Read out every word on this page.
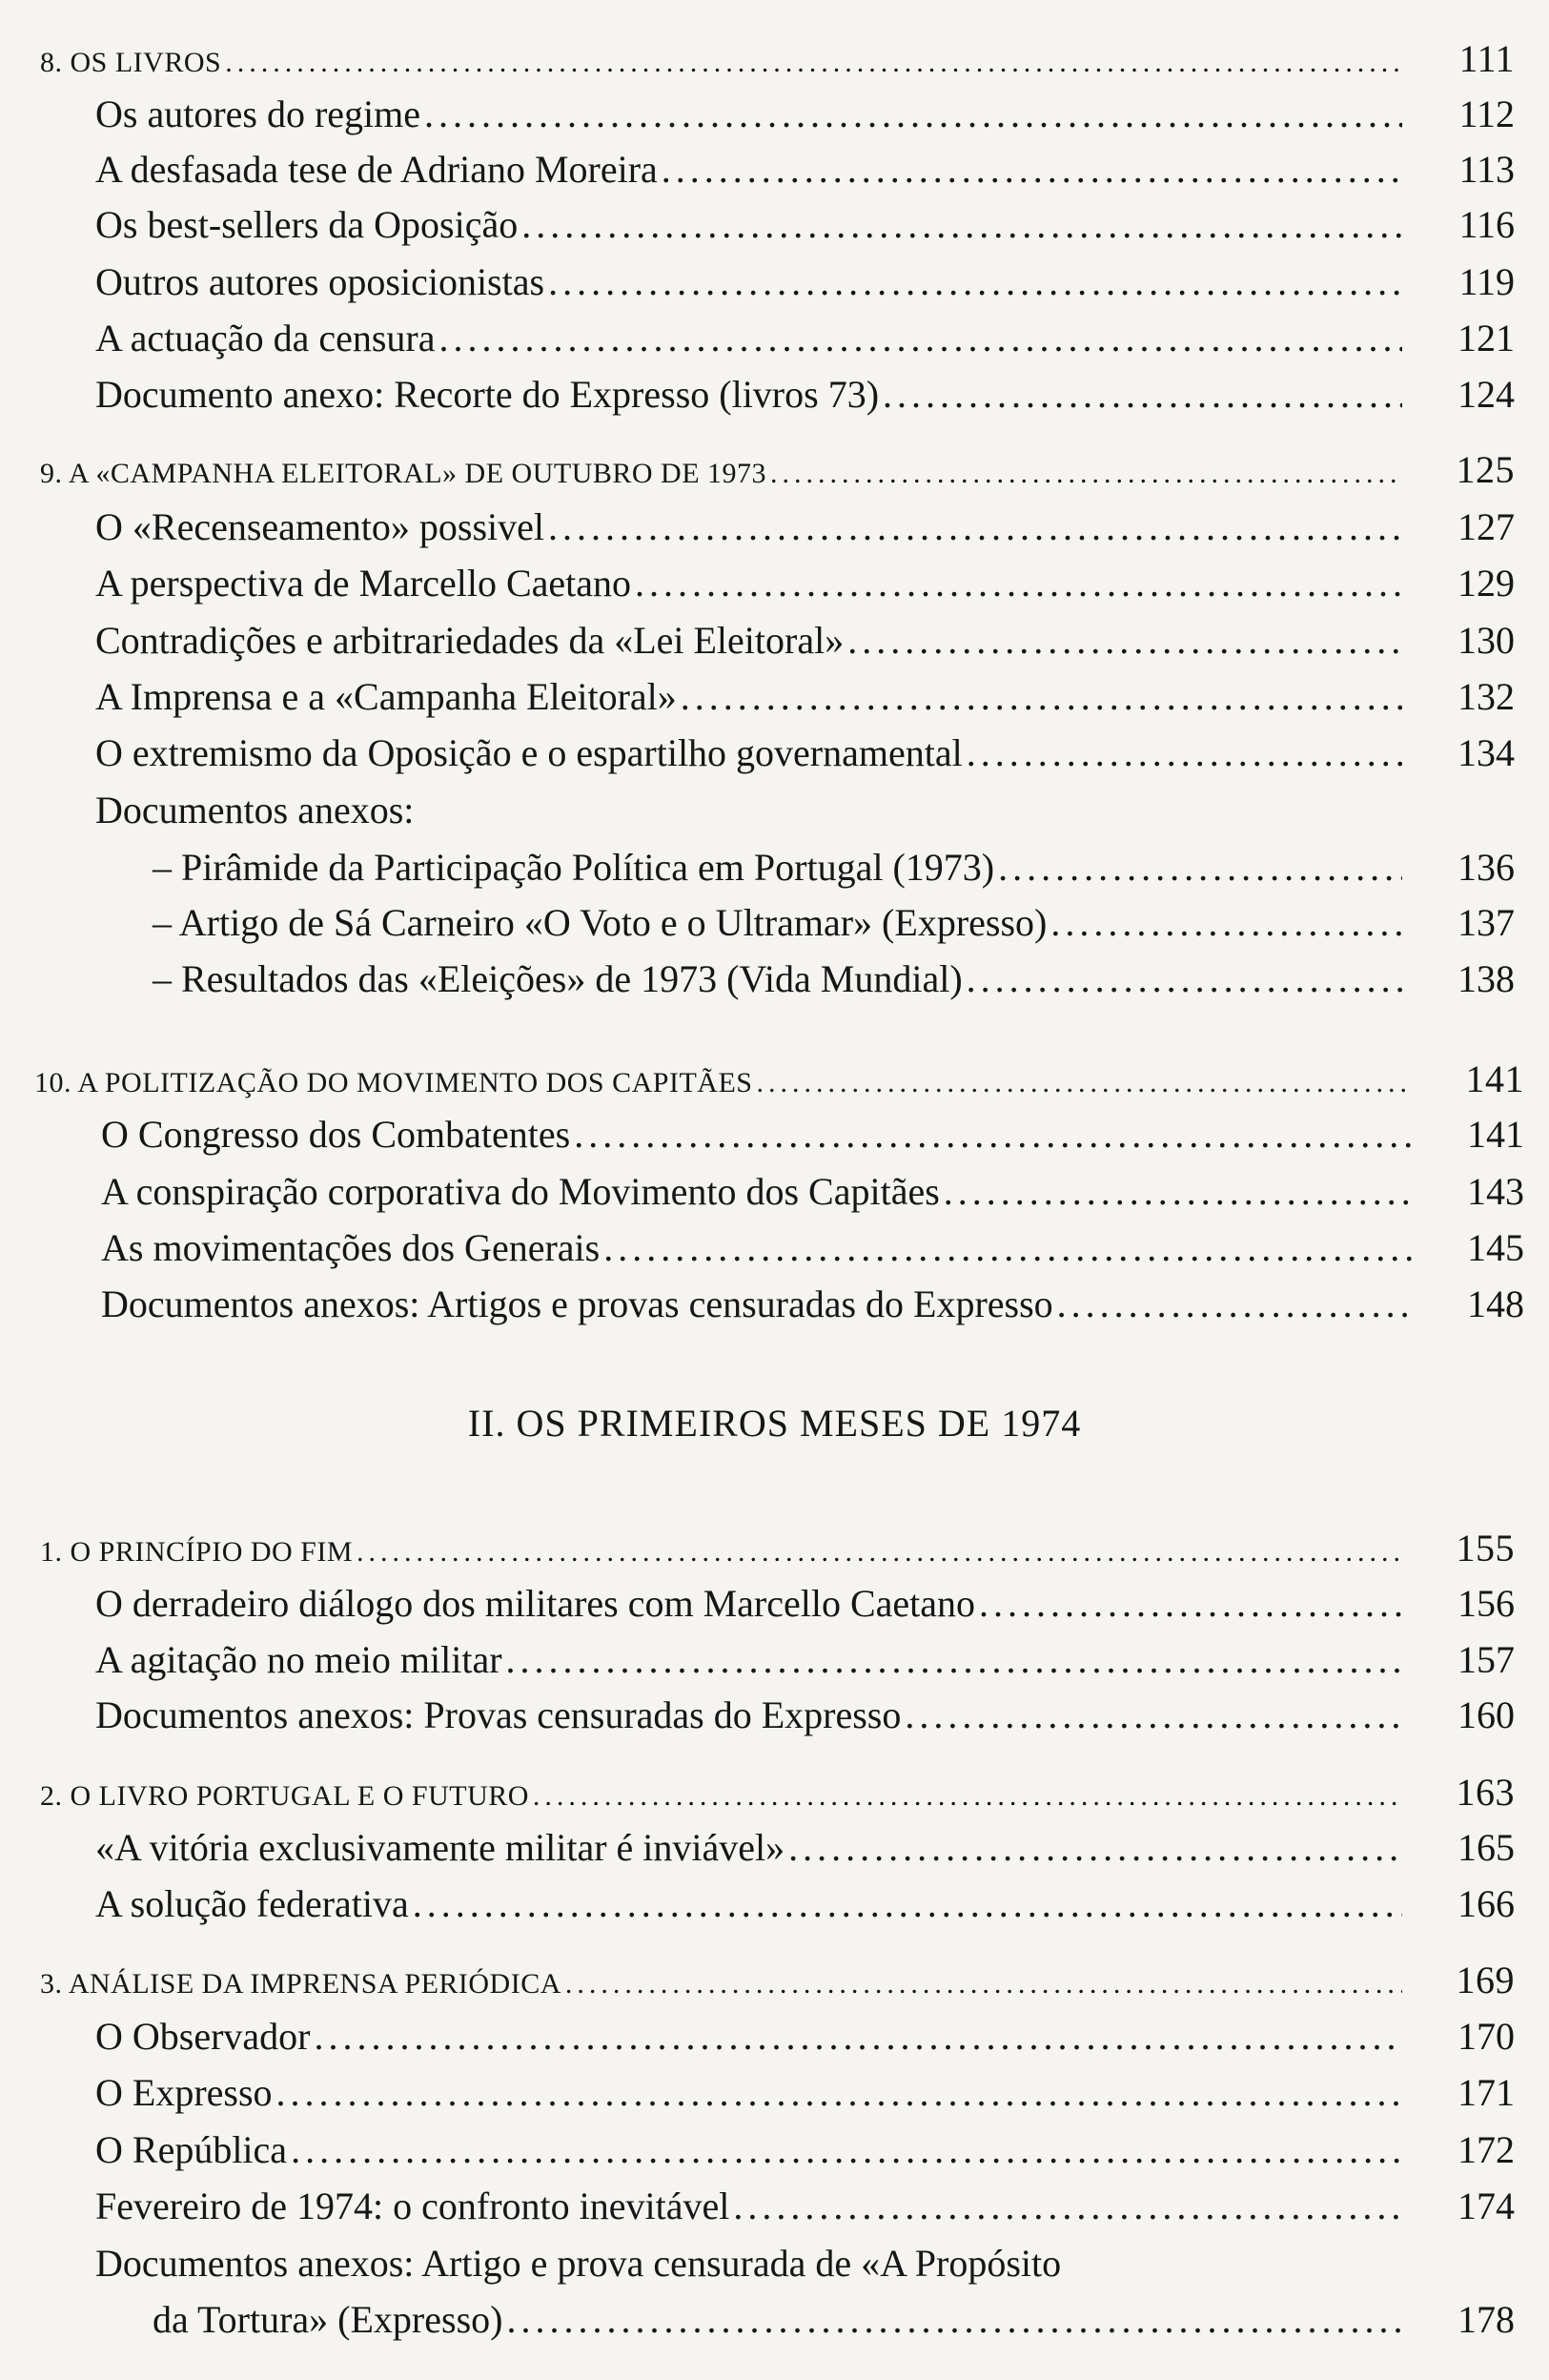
8. OS LIVROS .....	111
Os autores do regime .....	112
A desfasada tese de Adriano Moreira .....	113
Os best-sellers da Oposição .....	116
Outros autores oposicionistas .....	119
A actuação da censura .....	121
Documento anexo: Recorte do Expresso (livros 73) .....	124
9. A «CAMPANHA ELEITORAL» DE OUTUBRO DE 1973 .....	125
O «Recenseamento» possivel .....	127
A perspectiva de Marcello Caetano .....	129
Contradições e arbitrariedades da «Lei Eleitoral» .....	130
A Imprensa e a «Campanha Eleitoral» .....	132
O extremismo da Oposição e o espartilho governamental .....	134
Documentos anexos:
– Pirâmide da Participação Política em Portugal (1973) .....	136
– Artigo de Sá Carneiro «O Voto e o Ultramar» (Expresso) .....	137
– Resultados das «Eleições» de 1973 (Vida Mundial) .....	138
10. A POLITIZAÇÃO DO MOVIMENTO DOS CAPITÃES .....	141
O Congresso dos Combatentes .....	141
A conspiração corporativa do Movimento dos Capitães .....	143
As movimentações dos Generais .....	145
Documentos anexos: Artigos e provas censuradas do Expresso .....	148
II. OS PRIMEIROS MESES DE 1974
1. O PRINCÍPIO DO FIM .....	155
O derradeiro diálogo dos militares com Marcello Caetano .....	156
A agitação no meio militar .....	157
Documentos anexos: Provas censuradas do Expresso .....	160
2. O LIVRO PORTUGAL E O FUTURO .....	163
«A vitória exclusivamente militar é inviável» .....	165
A solução federativa .....	166
3. ANÁLISE DA IMPRENSA PERIÓDICA .....	169
O Observador .....	170
O Expresso .....	171
O República .....	172
Fevereiro de 1974: o confronto inevitável .....	174
Documentos anexos: Artigo e prova censurada de «A Propósito
da Tortura» (Expresso) .....	178
